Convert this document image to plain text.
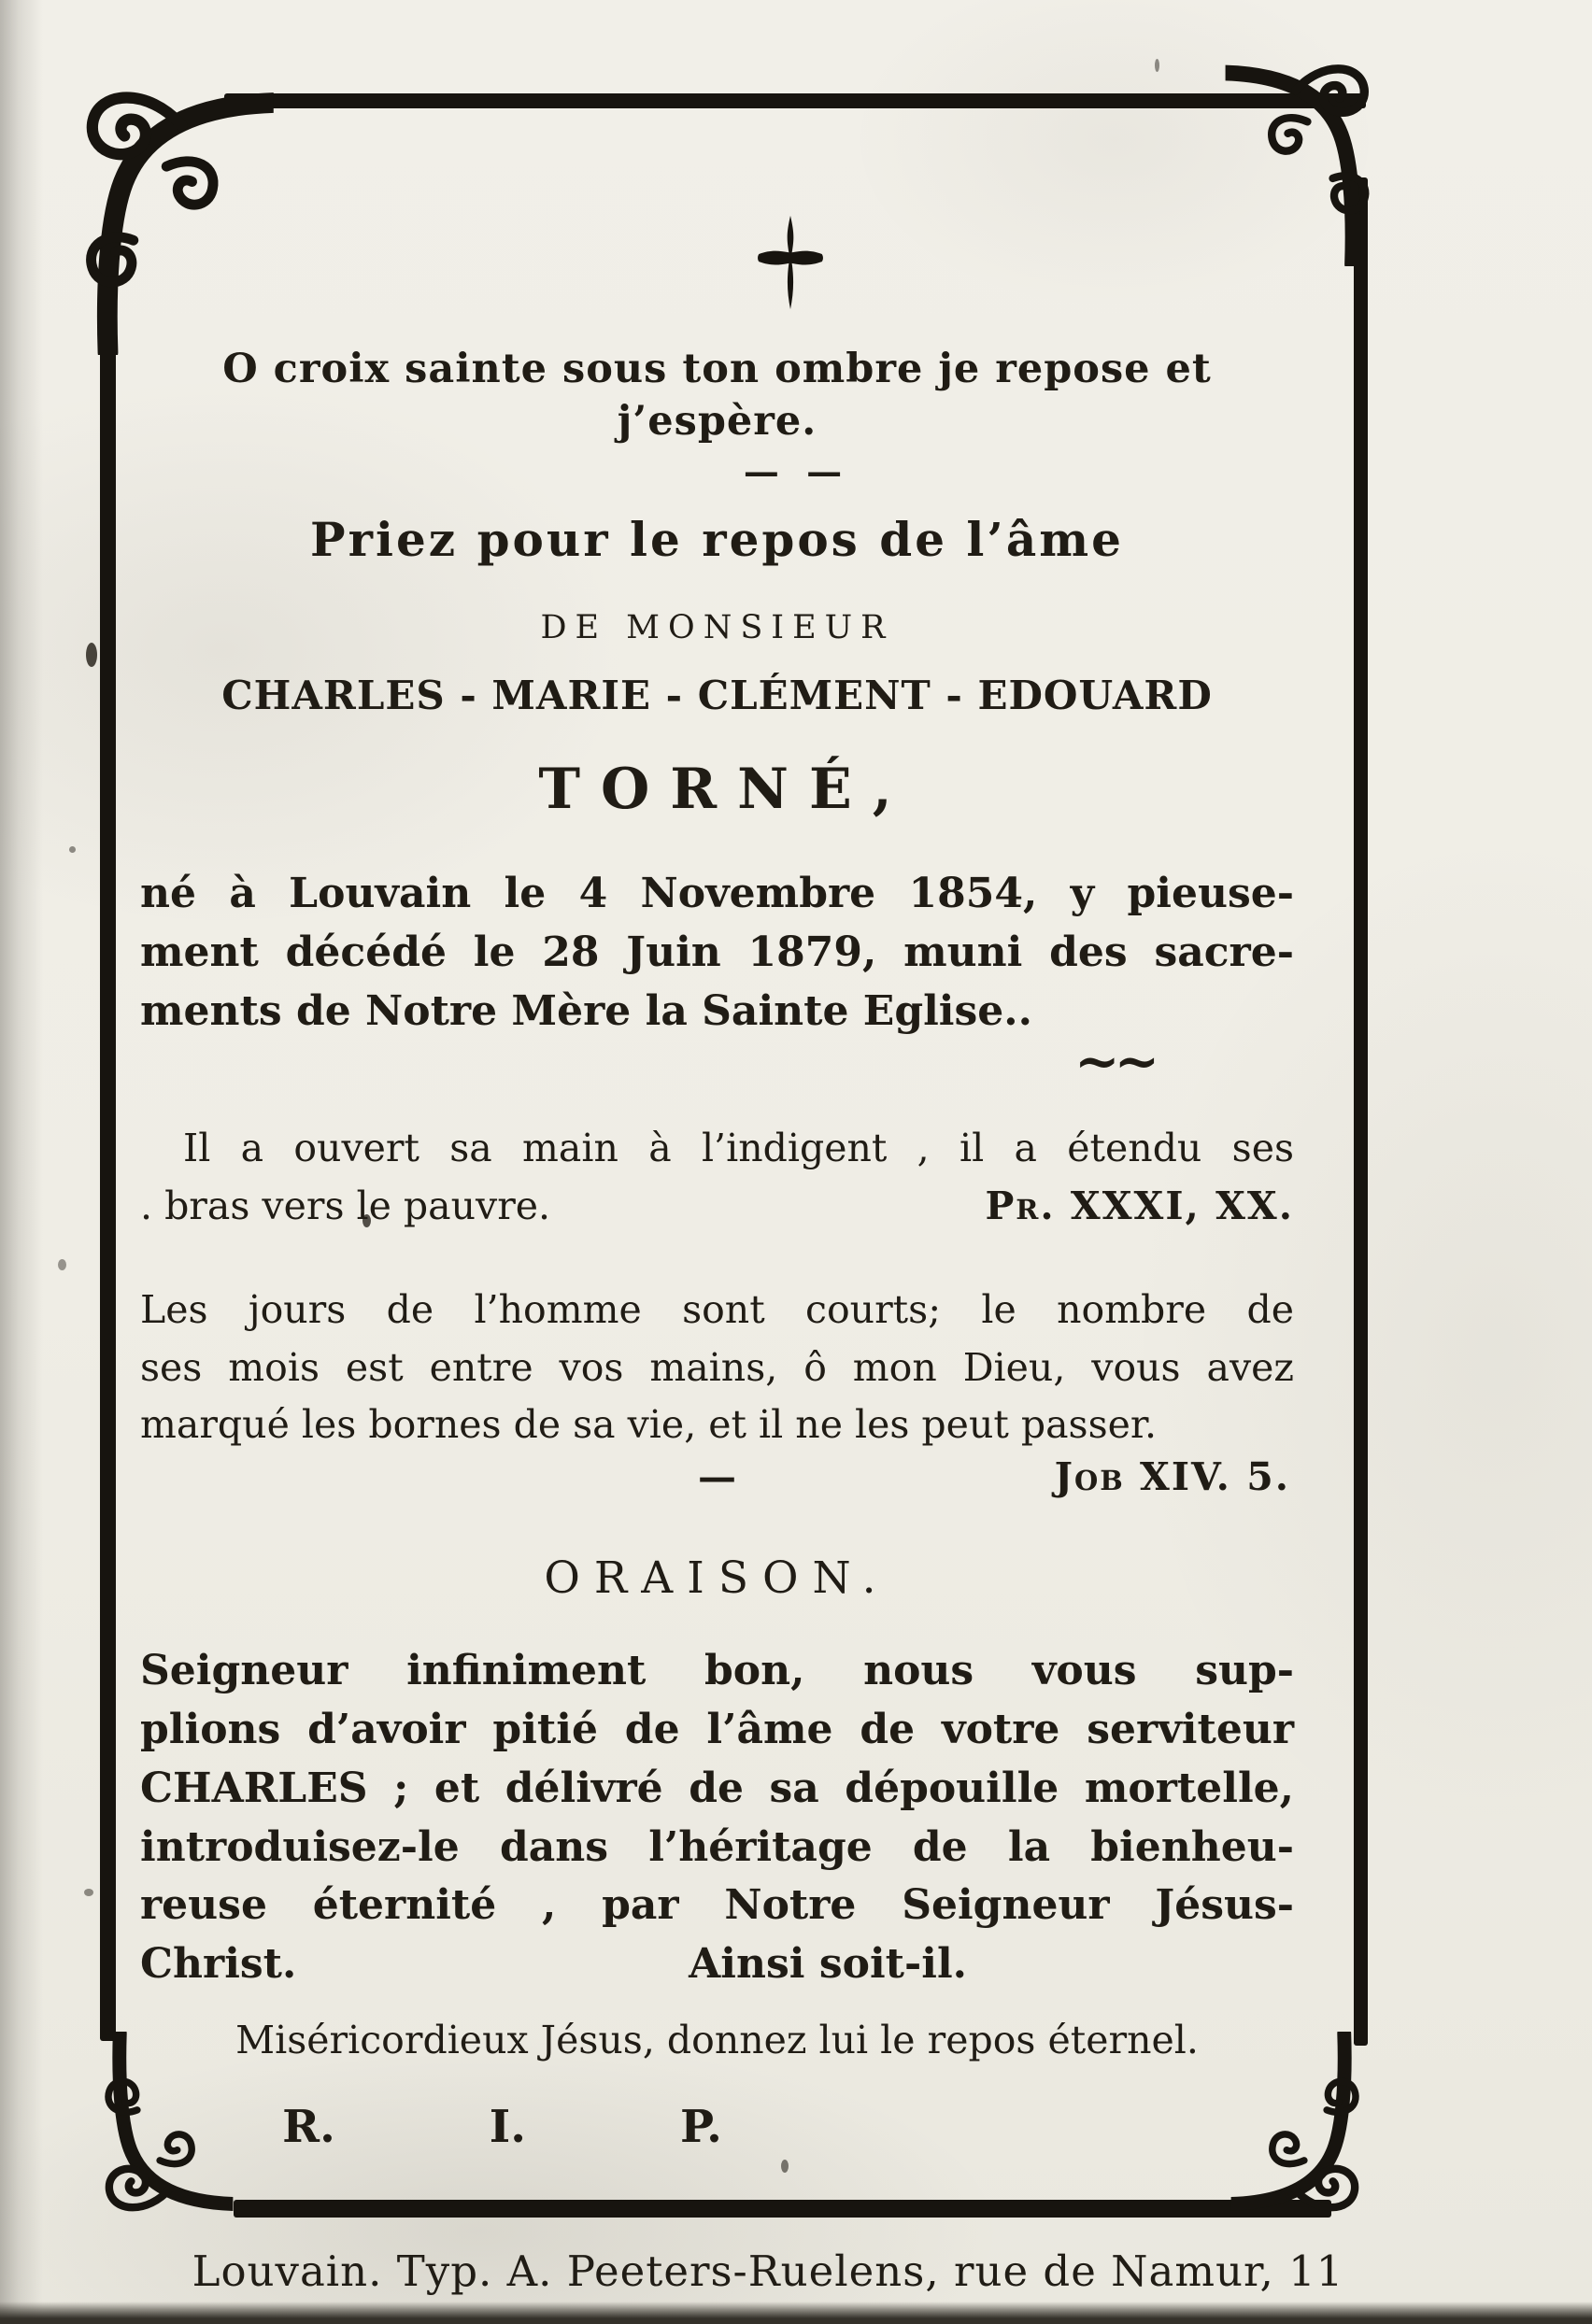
O croix sainte sous ton ombre je repose et j’espère.
— —
Priez pour le repos de l’âme
DE MONSIEUR
CHARLES - MARIE - CLÉMENT - EDOUARD
TORNÉ,
né à Louvain le 4 Novembre 1854, y pieuse-
ment décédé le 28 Juin 1879, muni des sacre-
ments de Notre Mère la Sainte Eglise..
~~
Il a ouvert sa main à l’indigent , il a étendu ses
. bras vers le pauvre.	Pr. XXXI, XX.
Les jours de l’homme sont courts; le nombre de
ses mois est entre vos mains, ô mon Dieu, vous avez
marqué les bornes de sa vie, et il ne les peut passer.
—	Job XIV. 5.
ORAISON.
Seigneur infiniment bon, nous vous sup-
plions d’avoir pitié de l’âme de votre serviteur
CHARLES ; et délivré de sa dépouille mortelle,
introduisez-le dans l’héritage de la bienheu-
reuse éternité , par Notre Seigneur Jésus-
Christ.	Ainsi soit-il.
Miséricordieux Jésus, donnez lui le repos éternel.
R.	I.	P.
Louvain. Typ. A. Peeters-Ruelens, rue de Namur, 11
